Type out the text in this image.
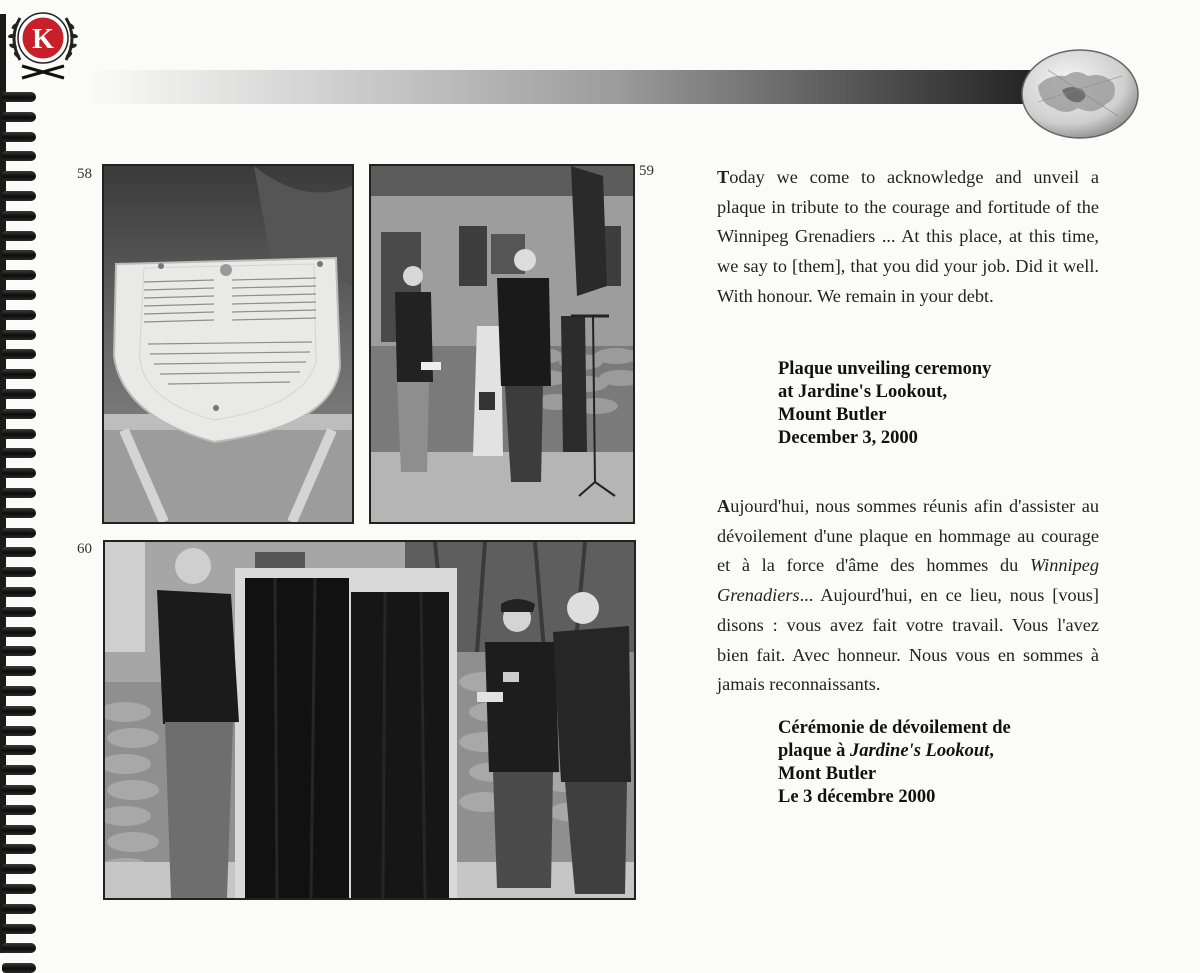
K
58	59
60

Today we come to acknowledge and unveil a plaque in tribute to the courage and fortitude of the Winnipeg Grenadiers ... At this place, at this time, we say to [them], that you did your job. Did it well. With honour. We remain in your debt.

Plaque unveiling ceremony
at Jardine's Lookout,
Mount Butler
December 3, 2000

Aujourd'hui, nous sommes réunis afin d'assister au dévoilement d'une plaque en hommage au courage et à la force d'âme des hommes du Winnipeg Grenadiers... Aujourd'hui, en ce lieu, nous [vous] disons : vous avez fait votre travail. Vous l'avez bien fait. Avec honneur. Nous vous en sommes à jamais reconnaissants.

Cérémonie de dévoilement de
plaque à Jardine's Lookout,
Mont Butler
Le 3 décembre 2000
